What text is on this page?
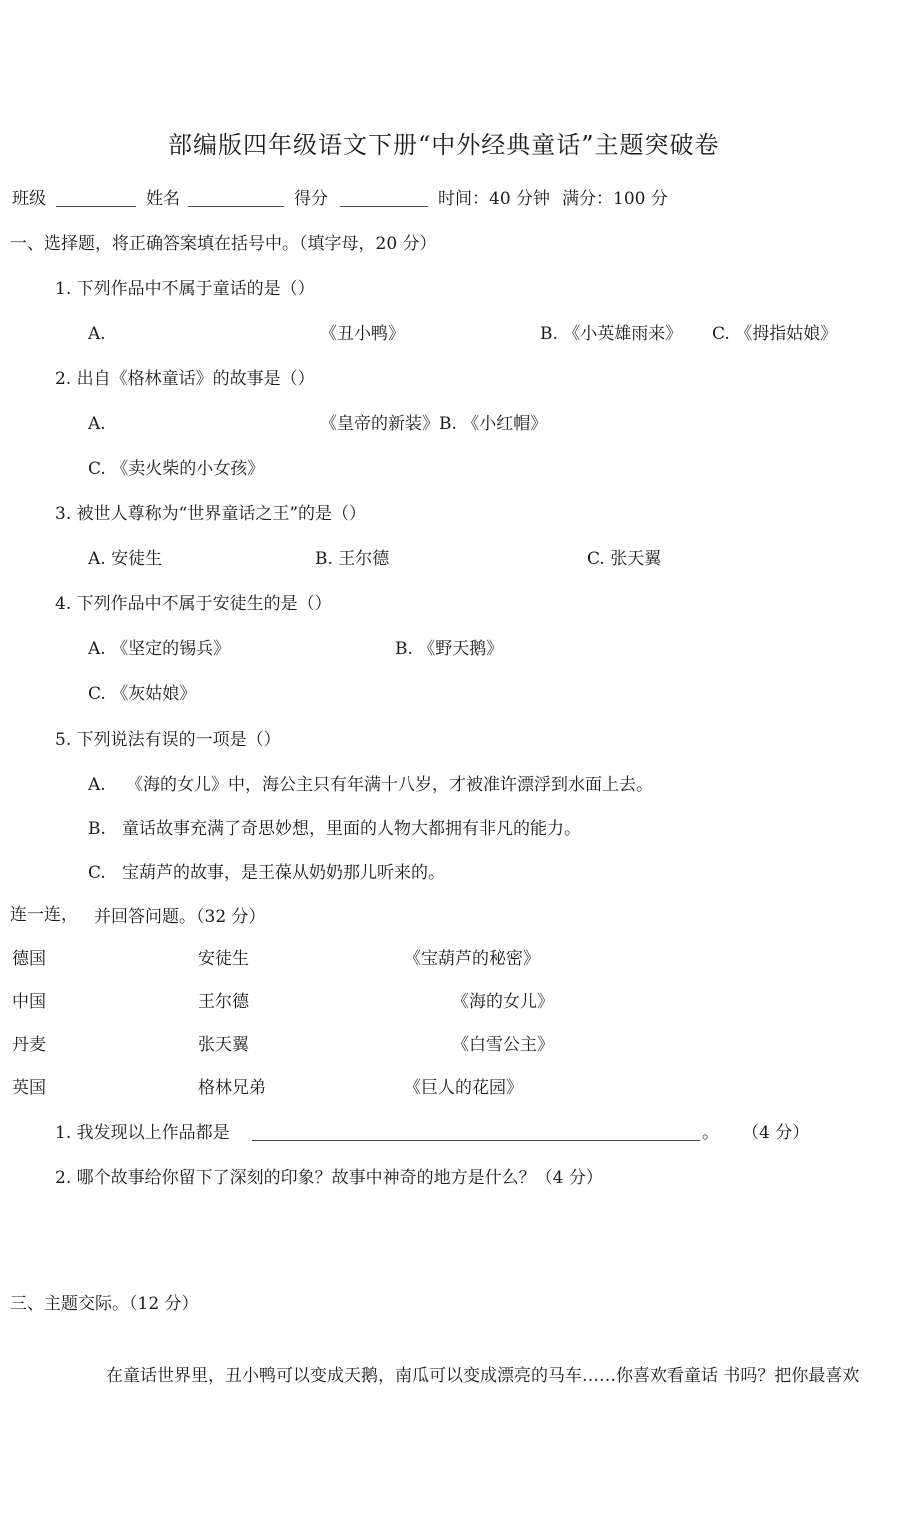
部编版四年级语文下册“中外经典童话”主题突破卷
班级	姓名	得分	时间：40 分钟 满分：100 分
一、选择题，将正确答案填在括号中。（填字母，20 分）
1. 下列作品中不属于童话的是（）
A.	《丑小鸭》	B. 《小英雄雨来》 C. 《拇指姑娘》
2. 出自《格林童话》的故事是（）
A.	《皇帝的新装》B. 《小红帽》
C. 《卖火柴的小女孩》
3. 被世人尊称为“世界童话之王”的是（）
A. 安徒生	B. 王尔德	C. 张天翼
4. 下列作品中不属于安徒生的是（）
A. 《坚定的锡兵》	B. 《野天鹅》
C. 《灰姑娘》
5. 下列说法有误的一项是（）
A. 《海的女儿》中，海公主只有年满十八岁，才被准许漂浮到水面上去。
B. 童话故事充满了奇思妙想，里面的人物大都拥有非凡的能力。
C. 宝葫芦的故事，是王葆从奶奶那儿听来的。
连一连， 并回答问题。（32 分）
德国	安徒生	《宝葫芦的秘密》
中国	王尔德	《海的女儿》
丹麦	张天翼	《白雪公主》
英国	格林兄弟	《巨人的花园》
1. 我发现以上作品都是	。 （4 分）
2. 哪个故事给你留下了深刻的印象？故事中神奇的地方是什么？（4 分）
三、主题交际。（12 分）
在童话世界里，丑小鸭可以变成天鹅，南瓜可以变成漂亮的马车……你喜欢看童话 书吗？把你最喜欢
